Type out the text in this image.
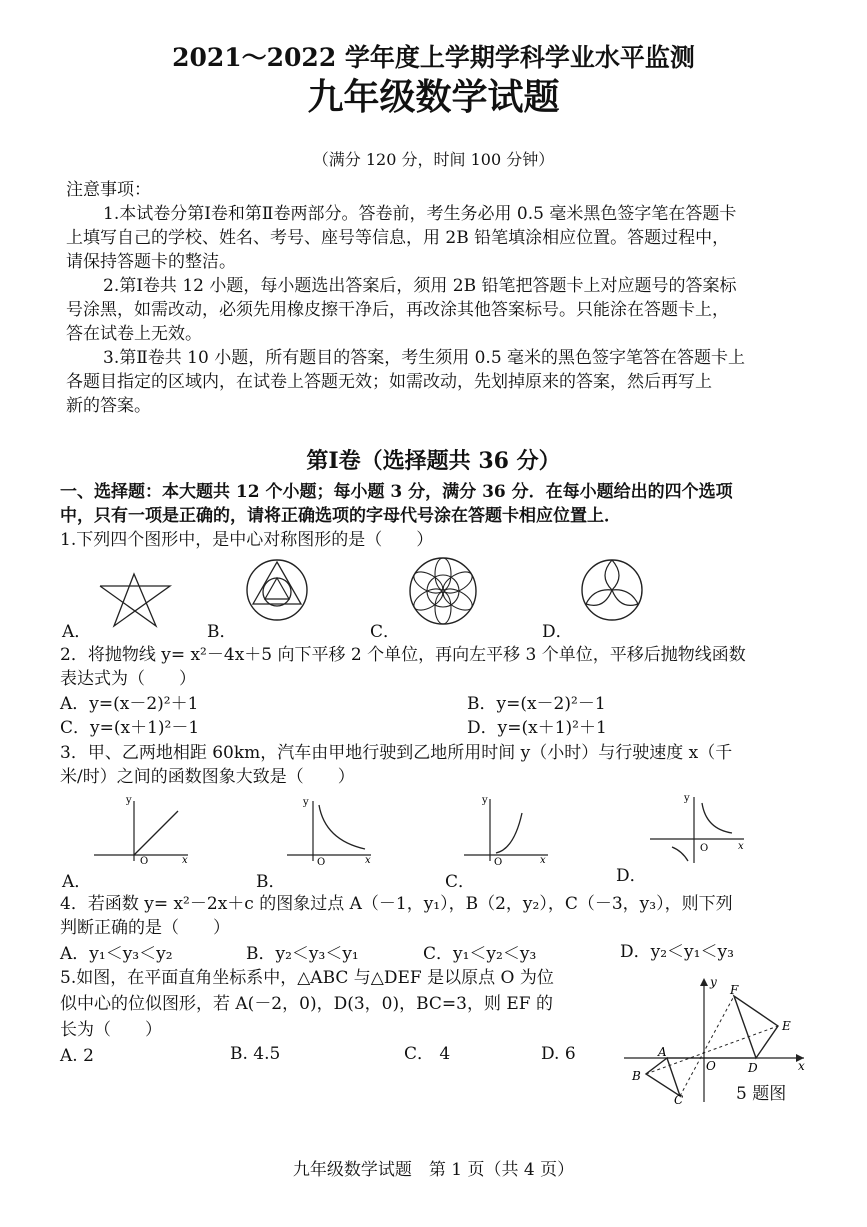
2021～2022 学年度上学期学科学业水平监测
九年级数学试题
（满分 120 分，时间 100 分钟）
注意事项：
1.本试卷分第Ⅰ卷和第Ⅱ卷两部分。答卷前，考生务必用 0.5 毫米黑色签字笔在答题卡
上填写自己的学校、姓名、考号、座号等信息，用 2B 铅笔填涂相应位置。答题过程中，
请保持答题卡的整洁。
2.第Ⅰ卷共 12 小题，每小题选出答案后，须用 2B 铅笔把答题卡上对应题号的答案标
号涂黑，如需改动，必须先用橡皮擦干净后，再改涂其他答案标号。只能涂在答题卡上，
答在试卷上无效。
3.第Ⅱ卷共 10 小题，所有题目的答案，考生须用 0.5 毫米的黑色签字笔答在答题卡上
各题目指定的区域内，在试卷上答题无效；如需改动，先划掉原来的答案，然后再写上
新的答案。
第Ⅰ卷（选择题共 36 分）
一、选择题：本大题共 12 个小题；每小题 3 分，满分 36 分．在每小题给出的四个选项
中，只有一项是正确的，请将正确选项的字母代号涂在答题卡相应位置上．
1.下列四个图形中，是中心对称图形的是（　　）
A．	B．	C．	D．
2．将抛物线 y= x²－4x＋5 向下平移 2 个单位，再向左平移 3 个单位，平移后抛物线函数
表达式为（　　）
A．y=(x－2)²＋1	B．y=(x－2)²－1
C．y=(x＋1)²－1	D．y=(x＋1)²＋1
3．甲、乙两地相距 60km，汽车由甲地行驶到乙地所用时间 y（小时）与行驶速度 x（千
米/时）之间的函数图象大致是（　　）
y
O	x
y
O	x
y
O	x
y
O	x
A．	B．	C．	D．
4．若函数 y= x²－2x＋c 的图象过点 A（－1，y₁），B（2，y₂），C（－3，y₃），则下列
判断正确的是（　　）
A．y₁＜y₃＜y₂	B．y₂＜y₃＜y₁	C．y₁＜y₂＜y₃	D．y₂＜y₁＜y₃
5.如图，在平面直角坐标系中，△ABC 与△DEF 是以原点 O 为位
似中心的位似图形，若 A(－2，0)，D(3，0)，BC=3，则 EF 的
长为（　　）
A. 2	B. 4.5	C． 4	D. 6
y
A
B
C
O	D
F
E
x
5 题图
九年级数学试题　第 1 页（共 4 页）
